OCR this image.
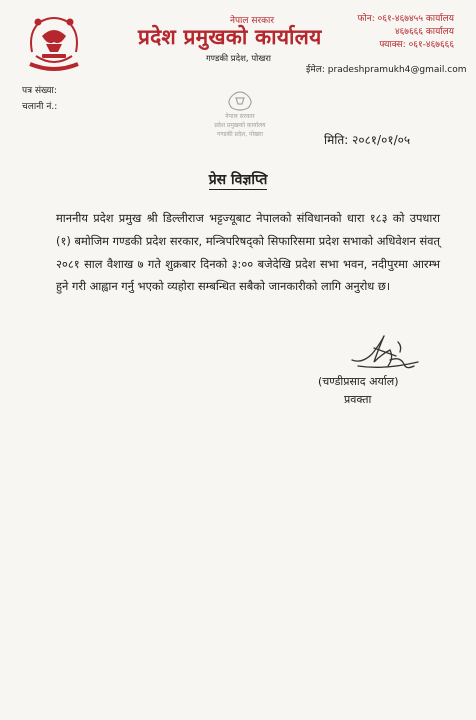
नेपाल सरकार
प्रदेश प्रमुखको कार्यालय
गण्डकी प्रदेश, पोखरा
फोन: ०६१-४६७४५५ कार्यालय
४६७६६६ कार्यालय
फ्याक्स: ०६१-४६७६६६
ईमेल: pradeshpramukh4@gmail.com
पत्र संख्या:
चलानी नं.:
नेपाल सरकार
प्रदेश प्रमुखको कार्यालय
गण्डकी प्रदेश, पोखरा	मिति: २०८१/०१/०५
प्रेस विज्ञप्ति
माननीय प्रदेश प्रमुख श्री डिल्लीराज भट्टज्यूबाट नेपालको संविधानको धारा १८३ को उपधारा (१) बमोजिम गण्डकी प्रदेश सरकार, मन्त्रिपरिषद्को सिफारिसमा प्रदेश सभाको अधिवेशन संवत् २०८१ साल वैशाख ७ गते शुक्रबार दिनको ३:०० बजेदेखि प्रदेश सभा भवन, नदीपुरमा आरम्भ हुने गरी आह्वान गर्नु भएको व्यहोरा सम्बन्धित सबैको जानकारीको लागि अनुरोध छ।
(चण्डीप्रसाद अर्याल)
प्रवक्ता
